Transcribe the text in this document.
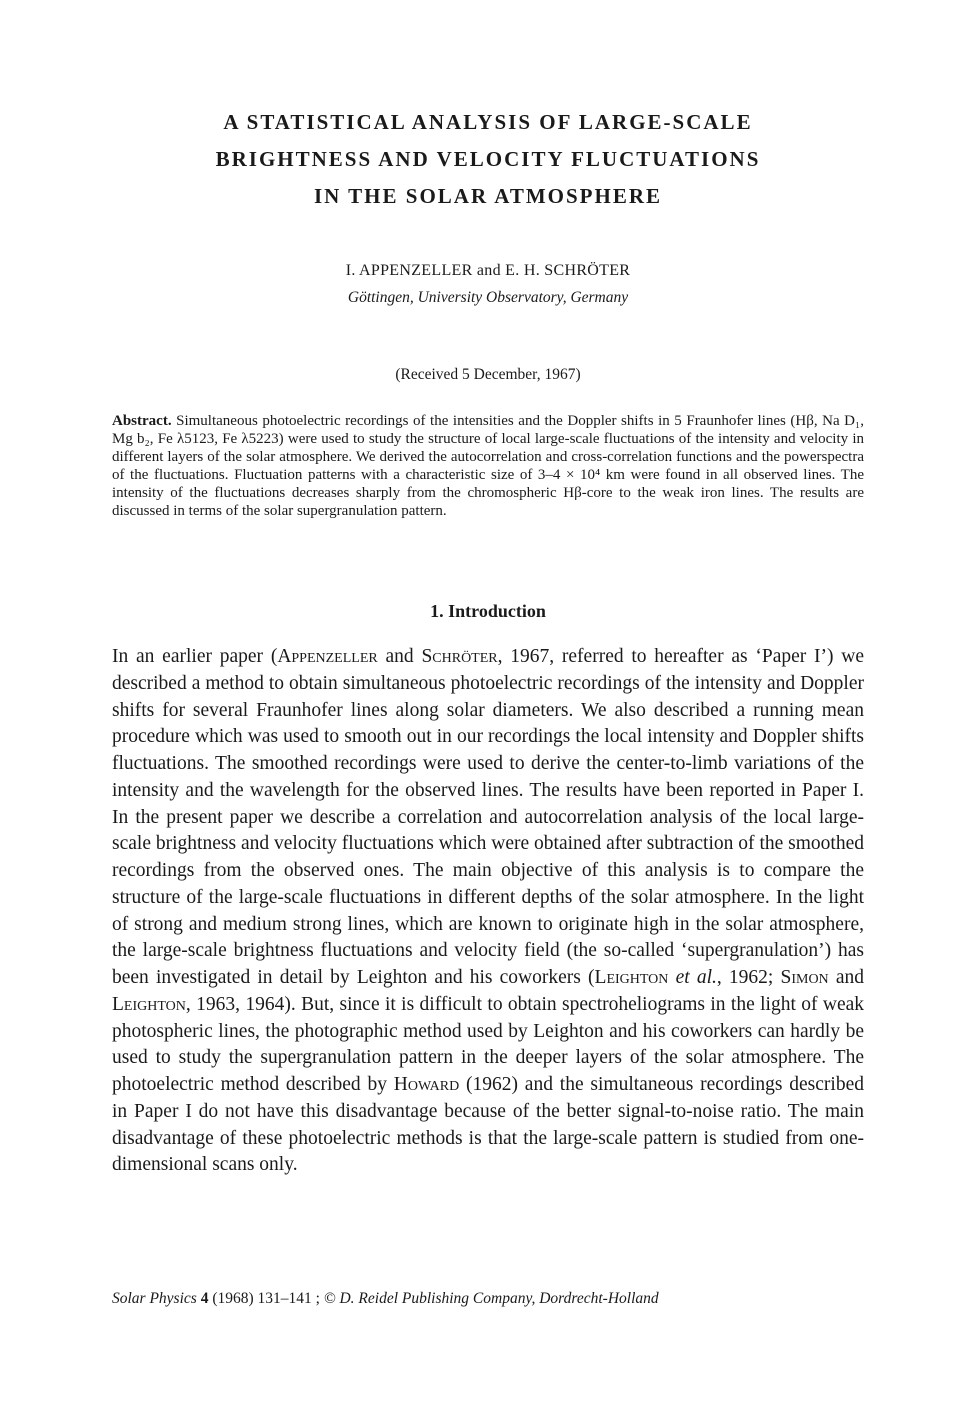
A STATISTICAL ANALYSIS OF LARGE-SCALE
BRIGHTNESS AND VELOCITY FLUCTUATIONS
IN THE SOLAR ATMOSPHERE
I. APPENZELLER and E. H. SCHRÖTER
Göttingen, University Observatory, Germany
(Received 5 December, 1967)
Abstract. Simultaneous photoelectric recordings of the intensities and the Doppler shifts in 5 Fraunhofer lines (Hβ, Na D₁, Mg b₂, Fe λ5123, Fe λ5223) were used to study the structure of local large-scale fluctuations of the intensity and velocity in different layers of the solar atmosphere. We derived the autocorrelation and cross-correlation functions and the powerspectra of the fluctuations. Fluctuation patterns with a characteristic size of 3–4 × 10⁴ km were found in all observed lines. The intensity of the fluctuations decreases sharply from the chromospheric Hβ-core to the weak iron lines. The results are discussed in terms of the solar supergranulation pattern.
1. Introduction
In an earlier paper (Appenzeller and Schröter, 1967, referred to hereafter as ‘Paper I’) we described a method to obtain simultaneous photoelectric recordings of the intensity and Doppler shifts for several Fraunhofer lines along solar diameters. We also described a running mean procedure which was used to smooth out in our recordings the local intensity and Doppler shifts fluctuations. The smoothed recordings were used to derive the center-to-limb variations of the intensity and the wavelength for the observed lines. The results have been reported in Paper I. In the present paper we describe a correlation and autocorrelation analysis of the local large-scale brightness and velocity fluctuations which were obtained after subtraction of the smoothed recordings from the observed ones. The main objective of this analysis is to compare the structure of the large-scale fluctuations in different depths of the solar atmosphere. In the light of strong and medium strong lines, which are known to originate high in the solar atmosphere, the large-scale brightness fluctuations and velocity field (the so-called ‘supergranulation’) has been investigated in detail by Leighton and his coworkers (Leighton et al., 1962; Simon and Leighton, 1963, 1964). But, since it is difficult to obtain spectroheliograms in the light of weak photospheric lines, the photographic method used by Leighton and his coworkers can hardly be used to study the supergranulation pattern in the deeper layers of the solar atmosphere. The photoelectric method described by Howard (1962) and the simultaneous recordings described in Paper I do not have this disadvantage because of the better signal-to-noise ratio. The main disadvantage of these photoelectric methods is that the large-scale pattern is studied from one-dimensional scans only.
Solar Physics 4 (1968) 131–141 ; © D. Reidel Publishing Company, Dordrecht-Holland
